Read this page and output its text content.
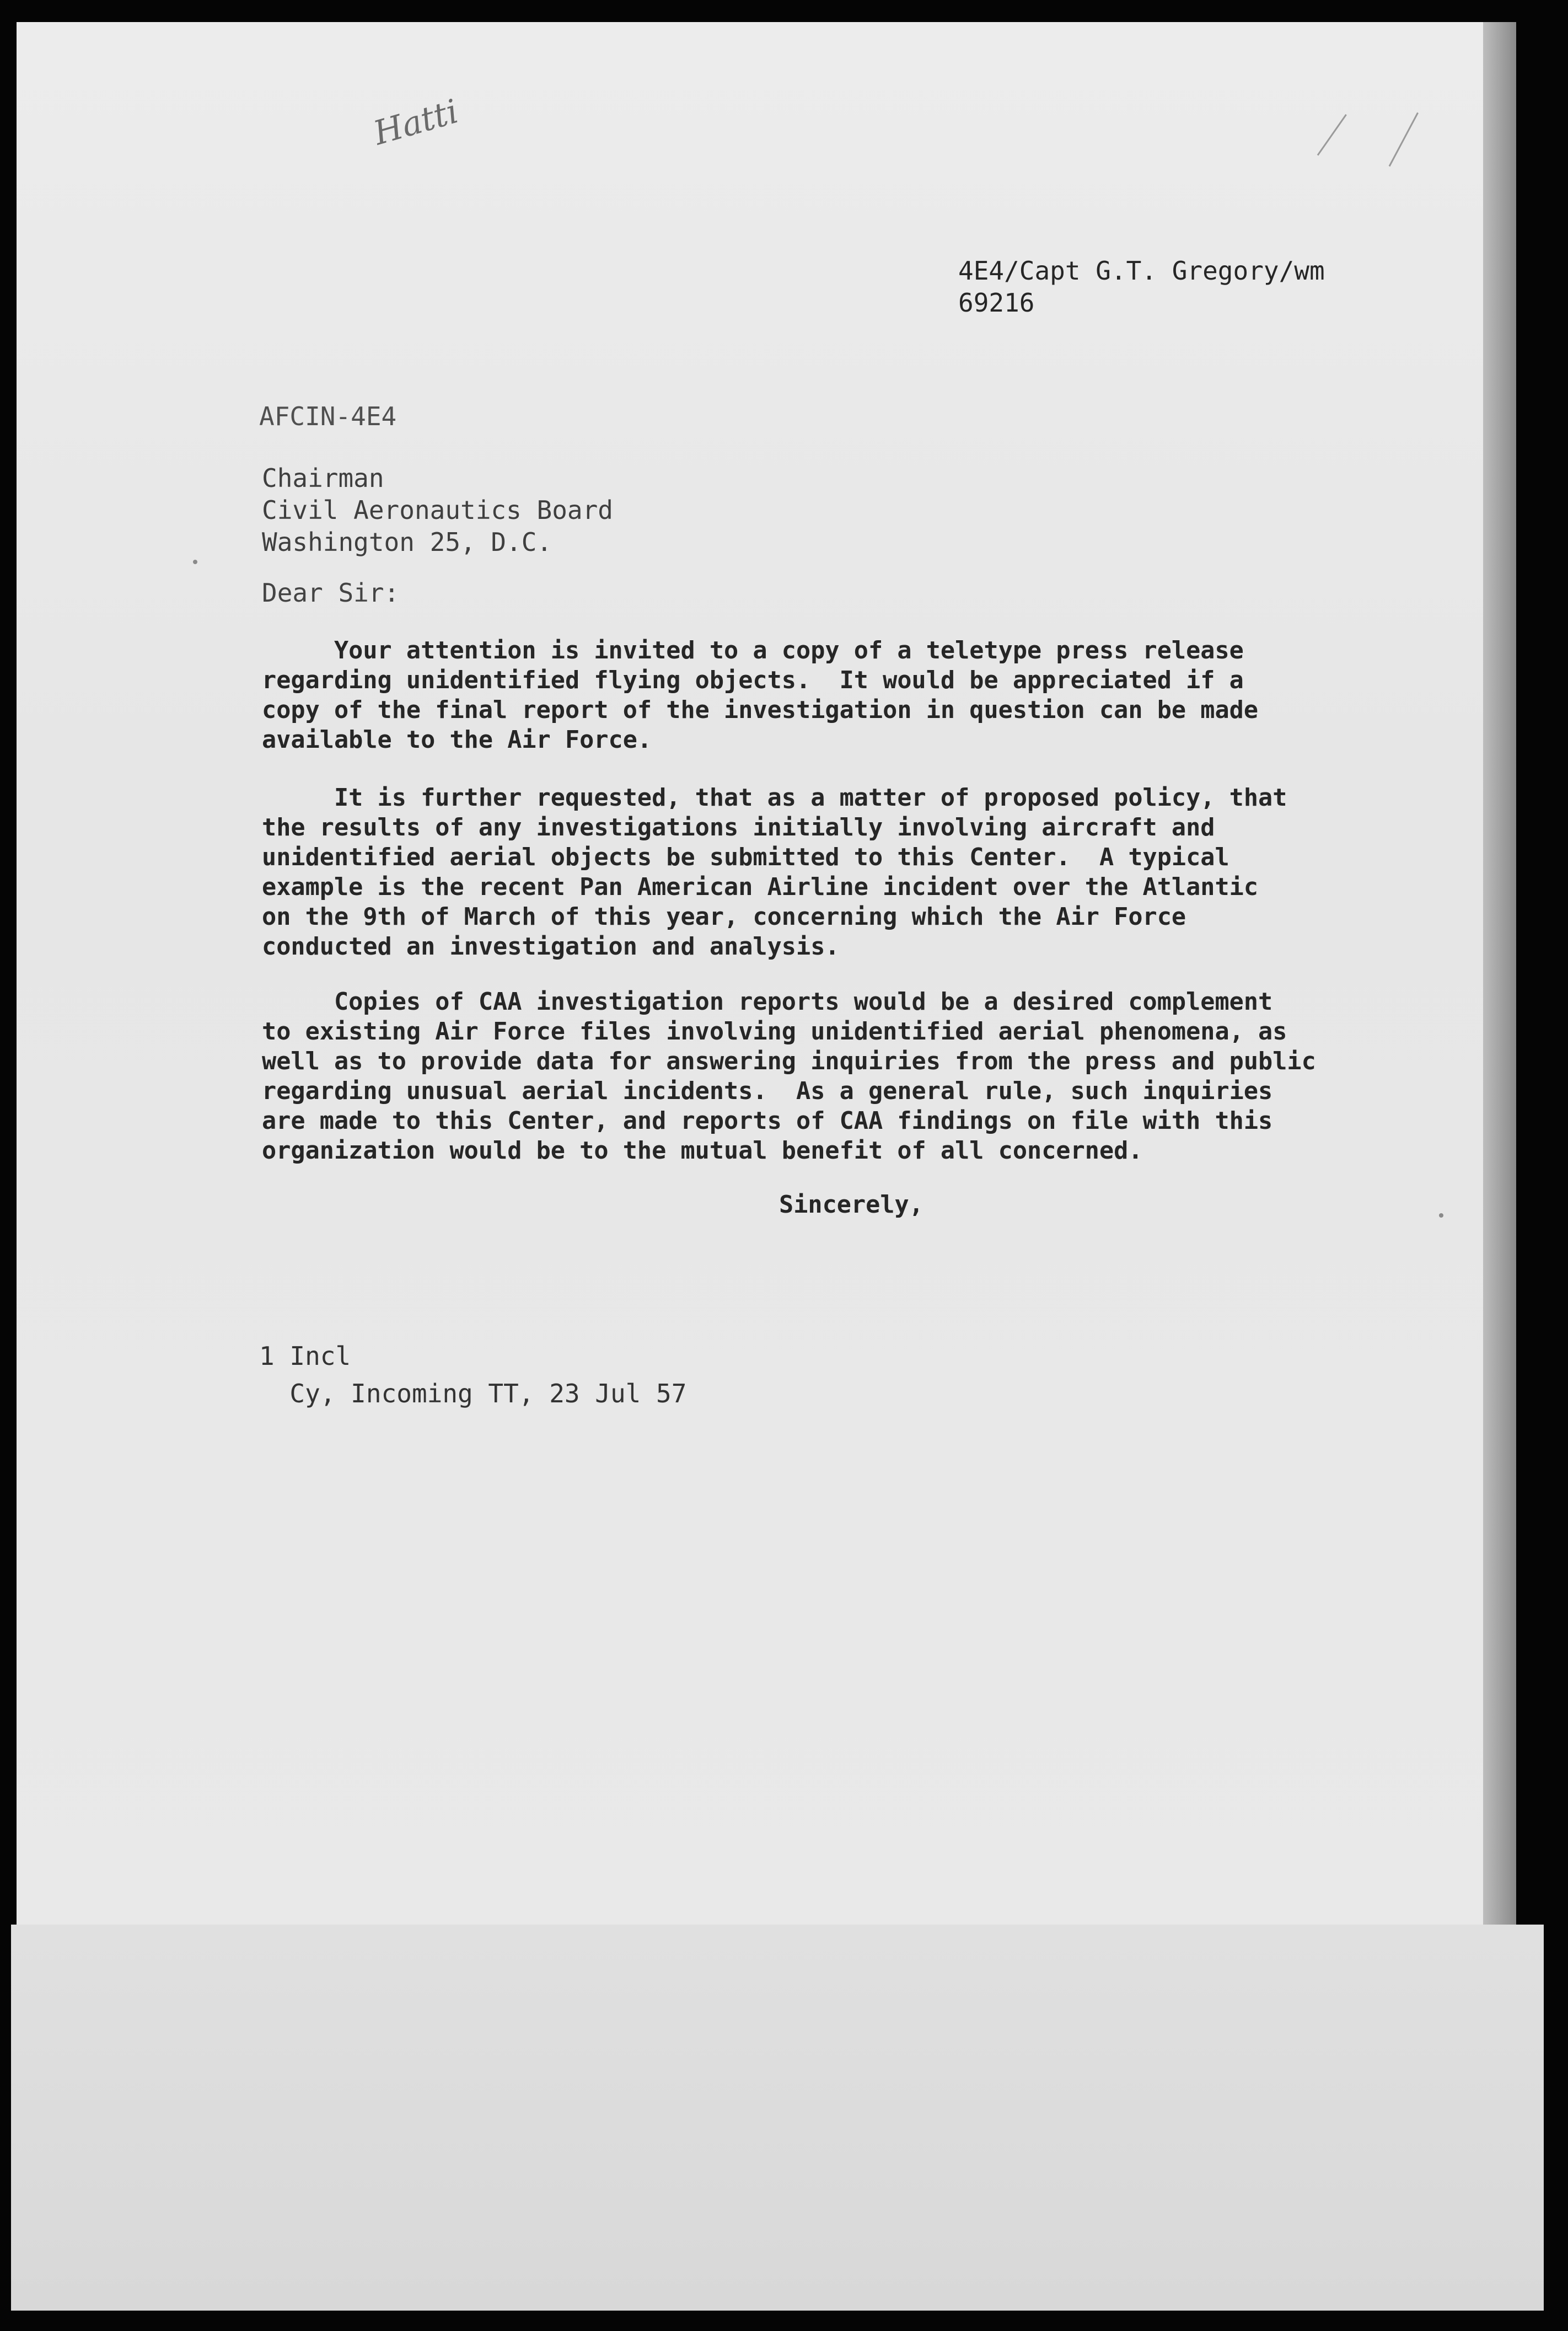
Hatti
4E4/Capt G.T. Gregory/wm
69216
AFCIN-4E4
Chairman
Civil Aeronautics Board
Washington 25, D.C.
Dear Sir:
Your attention is invited to a copy of a teletype press release
regarding unidentified flying objects.  It would be appreciated if a
copy of the final report of the investigation in question can be made
available to the Air Force.
It is further requested, that as a matter of proposed policy, that
the results of any investigations initially involving aircraft and
unidentified aerial objects be submitted to this Center.  A typical
example is the recent Pan American Airline incident over the Atlantic
on the 9th of March of this year, concerning which the Air Force
conducted an investigation and analysis.
Copies of CAA investigation reports would be a desired complement
to existing Air Force files involving unidentified aerial phenomena, as
well as to provide data for answering inquiries from the press and public
regarding unusual aerial incidents.  As a general rule, such inquiries
are made to this Center, and reports of CAA findings on file with this
organization would be to the mutual benefit of all concerned.
Sincerely,
1 Incl
Cy, Incoming TT, 23 Jul 57
